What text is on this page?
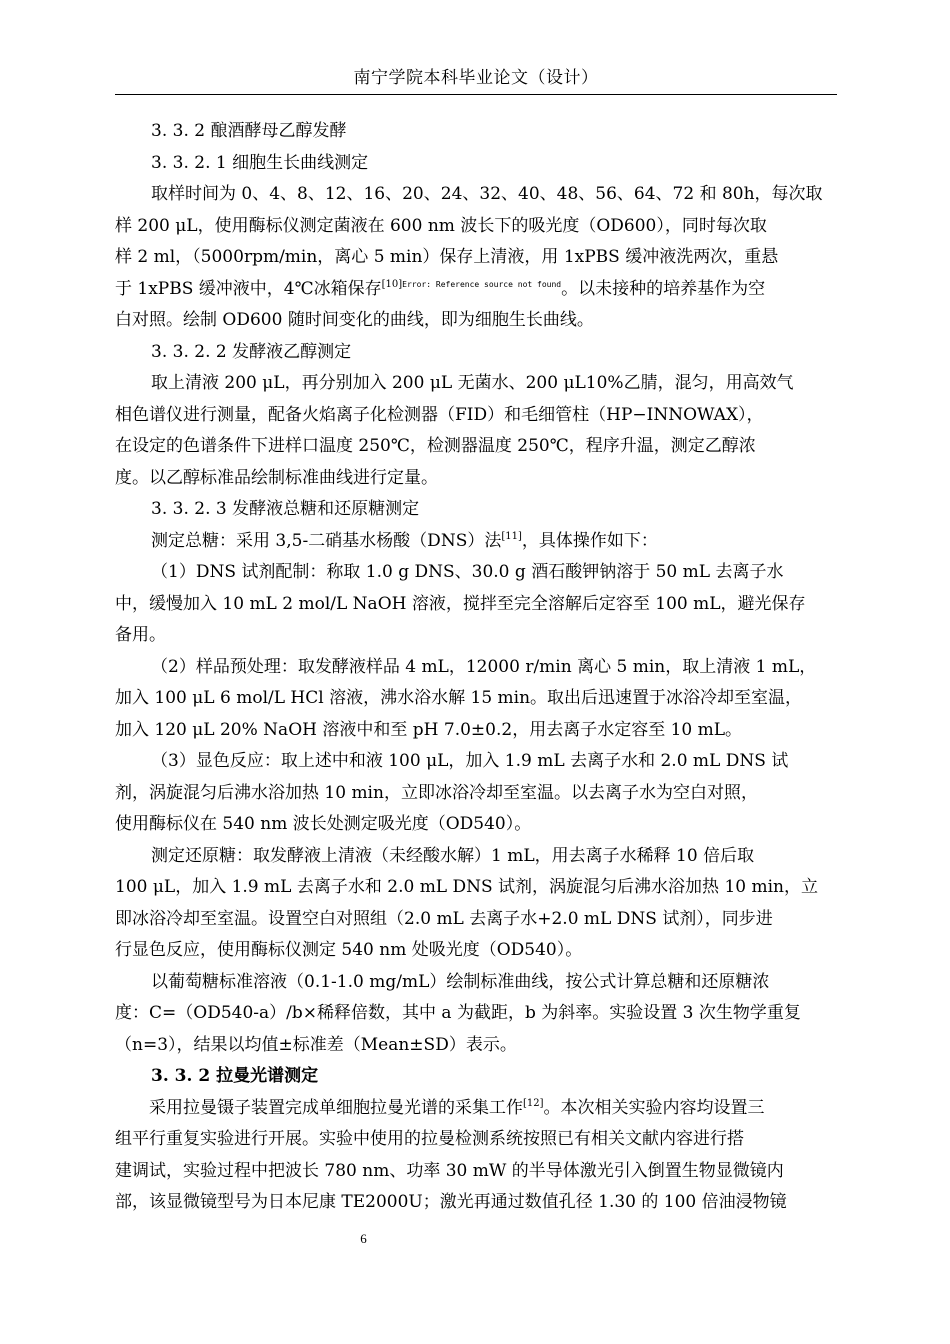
南宁学院本科毕业论文（设计）
3. 3. 2 酿酒酵母乙醇发酵
3. 3. 2. 1 细胞生长曲线测定
取样时间为 0、4、8、12、16、20、24、32、40、48、56、64、72 和 80h，每次取
样 200 μL，使用酶标仪测定菌液在 600 nm 波长下的吸光度（OD600），同时每次取
样 2 ml，（5000rpm/min，离心 5 min）保存上清液，用 1xPBS 缓冲液洗两次，重悬
于 1xPBS 缓冲液中，4℃冰箱保存$^{[10]Error: Reference source not found}$。以未接种的培养基作为空
白对照。绘制 OD600 随时间变化的曲线，即为细胞生长曲线。
3. 3. 2. 2 发酵液乙醇测定
取上清液 200 μL，再分别加入 200 μL 无菌水、200 μL10%乙腈，混匀，用高效气
相色谱仪进行测量，配备火焰离子化检测器（FID）和毛细管柱（HP−INNOWAX），
在设定的色谱条件下进样口温度 250℃，检测器温度 250℃，程序升温，测定乙醇浓
度。以乙醇标准品绘制标准曲线进行定量。
3. 3. 2. 3 发酵液总糖和还原糖测定
测定总糖：采用 3,5-二硝基水杨酸（DNS）法[11]，具体操作如下：
（1）DNS 试剂配制：称取 1.0 g DNS、30.0 g 酒石酸钾钠溶于 50 mL 去离子水
中，缓慢加入 10 mL 2 mol/L NaOH 溶液，搅拌至完全溶解后定容至 100 mL，避光保存
备用。
（2）样品预处理：取发酵液样品 4 mL，12000 r/min 离心 5 min，取上清液 1 mL，
加入 100 μL 6 mol/L HCl 溶液，沸水浴水解 15 min。取出后迅速置于冰浴冷却至室温，
加入 120 μL 20% NaOH 溶液中和至 pH 7.0±0.2，用去离子水定容至 10 mL。
（3）显色反应：取上述中和液 100 μL，加入 1.9 mL 去离子水和 2.0 mL DNS 试
剂，涡旋混匀后沸水浴加热 10 min，立即冰浴冷却至室温。以去离子水为空白对照，
使用酶标仪在 540 nm 波长处测定吸光度（OD540）。
测定还原糖：取发酵液上清液（未经酸水解）1 mL，用去离子水稀释 10 倍后取
100 μL，加入 1.9 mL 去离子水和 2.0 mL DNS 试剂，涡旋混匀后沸水浴加热 10 min，立
即冰浴冷却至室温。设置空白对照组（2.0 mL 去离子水+2.0 mL DNS 试剂），同步进
行显色反应，使用酶标仪测定 540 nm 处吸光度（OD540）。
以葡萄糖标准溶液（0.1-1.0 mg/mL）绘制标准曲线，按公式计算总糖和还原糖浓
度：C=（OD540-a）/b×稀释倍数，其中 a 为截距，b 为斜率。实验设置 3 次生物学重复
（n=3），结果以均值±标准差（Mean±SD）表示。
3. 3. 2 拉曼光谱测定
采用拉曼镊子装置完成单细胞拉曼光谱的采集工作[12]。本次相关实验内容均设置三
组平行重复实验进行开展。实验中使用的拉曼检测系统按照已有相关文献内容进行搭
建调试，实验过程中把波长 780 nm、功率 30 mW 的半导体激光引入倒置生物显微镜内
部，该显微镜型号为日本尼康 TE2000U；激光再通过数值孔径 1.30 的 100 倍油浸物镜
6
